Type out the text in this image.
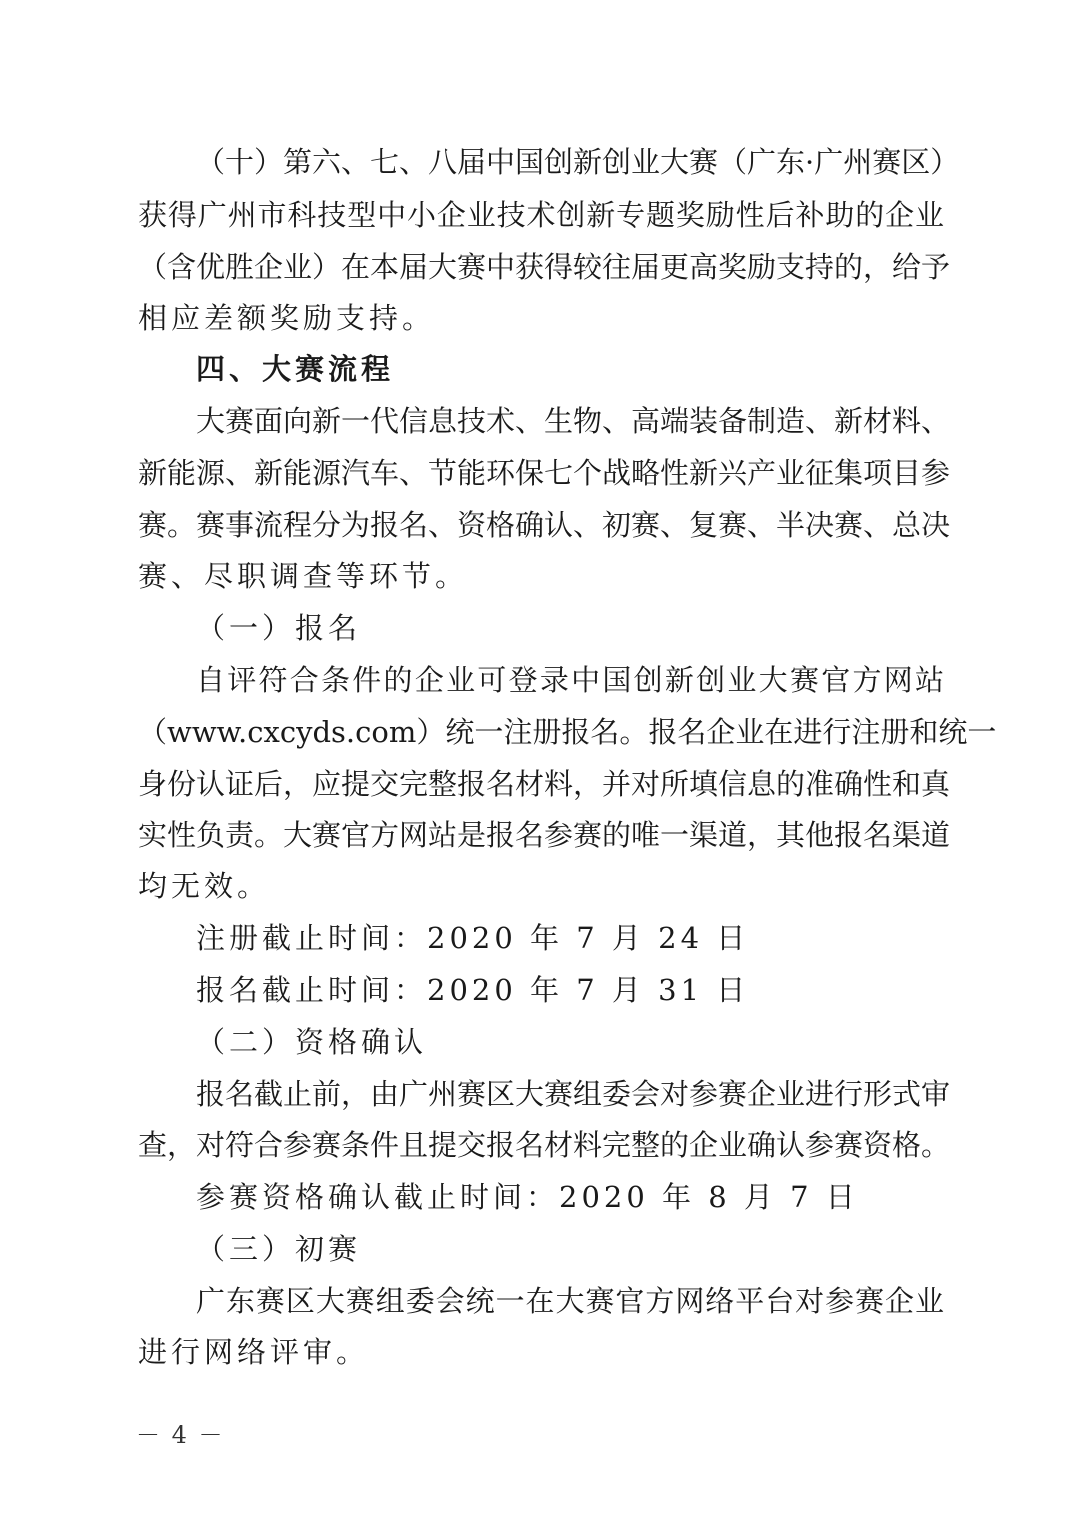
（十）第六、七、八届中国创新创业大赛（广东·广州赛区）
获得广州市科技型中小企业技术创新专题奖励性后补助的企业
（含优胜企业）在本届大赛中获得较往届更高奖励支持的，给予
相应差额奖励支持。
四、大赛流程
大赛面向新一代信息技术、生物、高端装备制造、新材料、
新能源、新能源汽车、节能环保七个战略性新兴产业征集项目参
赛。赛事流程分为报名、资格确认、初赛、复赛、半决赛、总决
赛、尽职调查等环节。
（一）报名
自评符合条件的企业可登录中国创新创业大赛官方网站
（www.cxcyds.com）统一注册报名。报名企业在进行注册和统一
身份认证后，应提交完整报名材料，并对所填信息的准确性和真
实性负责。大赛官方网站是报名参赛的唯一渠道，其他报名渠道
均无效。
注册截止时间：2020 年 7 月 24 日
报名截止时间：2020 年 7 月 31 日
（二）资格确认
报名截止前，由广州赛区大赛组委会对参赛企业进行形式审
查，对符合参赛条件且提交报名材料完整的企业确认参赛资格。
参赛资格确认截止时间：2020 年 8 月 7 日
（三）初赛
广东赛区大赛组委会统一在大赛官方网络平台对参赛企业
进行网络评审。
－ 4 －
